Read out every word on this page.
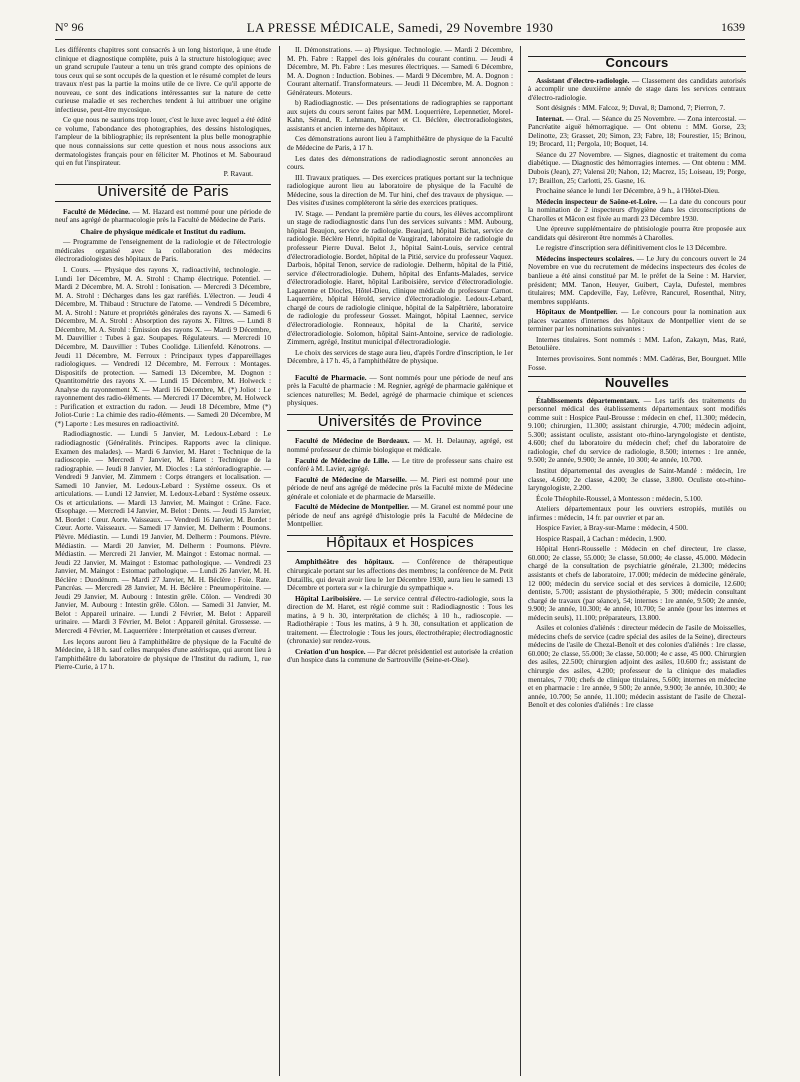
N° 96	LA PRESSE MÉDICALE, Samedi, 29 Novembre 1930	1639

Les différents chapitres sont consacrés à un long historique, à une étude clinique et diagnostique complète, puis à la structure histologique; avec un grand scrupule l'auteur a tenu un très grand compte des opinions de tous ceux qui se sont occupés de la question et le résumé complet de leurs travaux n'est pas la partie la moins utile de ce livre. Ce qu'il apporte de nouveau, ce sont des indications intéressantes sur la nature de cette curieuse maladie et ses recherches tendent à lui attribuer une origine infectieuse, peut-être mycosique.

Ce que nous ne saurions trop louer, c'est le luxe avec lequel a été édité ce volume, l'abondance des photographies, des dessins histologiques, l'ampleur de la bibliographie; ils représentent la plus belle monographie que nous connaissions sur cette question et nous nous associons aux dermatologistes français pour en féliciter M. Photinos et M. Sabouraud qui en fut l'inspirateur.

P. Ravaut.

Université de Paris

Faculté de Médecine. — M. Hazard est nommé pour une période de neuf ans agrégé de pharmacologie près la Faculté de Médecine de Paris.

Chaire de physique médicale et Institut du radium.

— Programme de l'enseignement de la radiologie et de l'électrologie médicales organisé avec la collaboration des médecins électroradiologistes des hôpitaux de Paris.

I. Cours. — Physique des rayons X, radioactivité, technologie. — Lundi 1er Décembre, M. A. Strohl : Champ électrique. Potentiel. — Mardi 2 Décembre, M. A. Strohl : Ionisation. — Mercredi 3 Décembre, M. A. Strohl : Décharges dans les gaz raréfiés. L'électron. — Jeudi 4 Décembre, M. Thibaud : Structure de l'atome. — Vendredi 5 Décembre, M. A. Strohl : Nature et propriétés générales des rayons X. — Samedi 6 Décembre, M. A. Strohl : Absorption des rayons X. Filtres. — Lundi 8 Décembre, M. A. Strohl : Émission des rayons X. — Mardi 9 Décembre, M. Dauvillier : Tubes à gaz. Soupapes. Régulateurs. — Mercredi 10 Décembre, M. Dauvillier : Tubes Coolidge. Lilienfeld. Kénotrons. — Jeudi 11 Décembre, M. Ferroux : Principaux types d'appareillages radiologiques. — Vendredi 12 Décembre, M. Ferroux : Montages. Dispositifs de protection. — Samedi 13 Décembre, M. Dognon : Quantitométrie des rayons X. — Lundi 15 Décembre, M. Holweck : Analyse du rayonnement X. — Mardi 16 Décembre, M. (*) Joliot : Le rayonnement des radio-éléments. — Mercredi 17 Décembre, M. Holweck : Purification et extraction du radon. — Jeudi 18 Décembre, Mme (*) Joliot-Curie : La chimie des radio-éléments. — Samedi 20 Décembre, M (*) Laporte : Les mesures en radioactivité.

Radiodiagnostic. — Lundi 5 Janvier, M. Ledoux-Lebard : Le radiodiagnostic (Généralités. Principes. Rapports avec la clinique. Examen des malades). — Mardi 6 Janvier, M. Haret : Technique de la radioscopie. — Mercredi 7 Janvier, M. Haret : Technique de la radiographie. — Jeudi 8 Janvier, M. Diocles : La stéréoradiographie. — Vendredi 9 Janvier, M. Zimmern : Corps étrangers et localisation. — Samedi 10 Janvier, M. Ledoux-Lebard : Système osseux. Os et articulations. — Lundi 12 Janvier, M. Ledoux-Lebard : Système osseux. Os et articulations. — Mardi 13 Janvier, M. Maingot : Crâne. Face. Œsophage. — Mercredi 14 Janvier, M. Belot : Dents. — Jeudi 15 Janvier, M. Bordet : Cœur. Aorte. Vaisseaux. — Vendredi 16 Janvier, M. Bordet : Cœur. Aorte. Vaisseaux. — Samedi 17 Janvier, M. Delherm : Poumons. Plèvre. Médiastin. — Lundi 19 Janvier, M. Delherm : Poumons. Plèvre. Médiastin. — Mardi 20 Janvier, M. Delherm : Poumons. Plèvre. Médiastin. — Mercredi 21 Janvier, M. Maingot : Estomac normal. — Jeudi 22 Janvier, M. Maingot : Estomac pathologique. — Vendredi 23 Janvier, M. Maingot : Estomac pathologique. — Lundi 26 Janvier, M. H. Béclère : Duodénum. — Mardi 27 Janvier, M. H. Béclère : Foie. Rate. Pancréas. — Mercredi 28 Janvier, M. H. Béclère : Pneumopéritoine. — Jeudi 29 Janvier, M. Aubourg : Intestin grêle. Côlon. — Vendredi 30 Janvier, M. Aubourg : Intestin grêle. Côlon. — Samedi 31 Janvier, M. Belot : Appareil urinaire. — Lundi 2 Février, M. Belot : Appareil urinaire. — Mardi 3 Février, M. Belot : Appareil génital. Grossesse. — Mercredi 4 Février, M. Laquerrière : Interprétation et causes d'erreur.

Les leçons auront lieu à l'amphithéâtre de physique de la Faculté de Médecine, à 18 h. sauf celles marquées d'une astérisque, qui auront lieu à l'amphithéâtre du laboratoire de physique de l'Institut du radium, 1, rue Pierre-Curie, à 17 h.

II. Démonstrations. — a) Physique. Technologie. — Mardi 2 Décembre, M. Ph. Fabre : Rappel des lois générales du courant continu. — Jeudi 4 Décembre, M. Ph. Fabre : Les mesures électriques. — Samedi 6 Décembre, M. A. Dognon : Induction. Bobines. — Mardi 9 Décembre, M. A. Dognon : Courant alternatif. Transformateurs. — Jeudi 11 Décembre, M. A. Dognon : Générateurs. Moteurs.

b) Radiodiagnostic. — Des présentations de radiographies se rapportant aux sujets du cours seront faites par MM. Loquerrière, Lepennetier, Morel-Kahn, Sérand, R. Lehmann, Moret et Cl. Béclère, électroradiologistes, assistants et ancien interne des hôpitaux.

Ces démonstrations auront lieu à l'amphithéâtre de physique de la Faculté de Médecine de Paris, à 17 h.

Les dates des démonstrations de radiodiagnostic seront annoncées au cours.

III. Travaux pratiques. — Des exercices pratiques portant sur la technique radiologique auront lieu au laboratoire de physique de la Faculté de Médecine, sous la direction de M. Tur hini, chef des travaux de physique. — Des visites d'usines compléteront la série des exercices pratiques.

IV. Stage. — Pendant la première partie du cours, les élèves accompliront un stage de radiodiagnostic dans l'un des services suivants : MM. Aubourg, hôpital Beaujon, service de radiologie. Beaujard, hôpital Bichat, service de radiologie. Béclère Henri, hôpital de Vaugirard, laboratoire de radiologie du professeur Pierre Duval. Belot J., hôpital Saint-Louis, service central d'électroradiologie. Bordet, hôpital de la Pitié, service du professeur Vaquez. Darbois, hôpital Tenon, service de radiologie. Delherm, hôpital de la Pitié, service d'électroradiologie. Duhem, hôpital des Enfants-Malades, service d'électroradiologie. Haret, hôpital Lariboisière, service d'électroradiologie. Lagarenne et Diocles, Hôtel-Dieu, clinique médicale du professeur Carnot. Laquerrière, hôpital Hérold, service d'électroradiologie. Ledoux-Lebard, chargé de cours de radiologie clinique, hôpital de la Salpêtrière, laboratoire de radiologie du professeur Gosset. Maingot, hôpital Laennec, service d'électroradiologie. Ronneaux, hôpital de la Charité, service d'électroradiologie. Solomon, hôpital Saint-Antoine, service de radiologie. Zimmern, agrégé, Institut municipal d'électroradiologie.

Le choix des services de stage aura lieu, d'après l'ordre d'inscription, le 1er Décembre, à 17 h. 45, à l'amphithéâtre de physique.

Faculté de Pharmacie. — Sont nommés pour une période de neuf ans près la Faculté de pharmacie : M. Regnier, agrégé de pharmacie galénique et sciences naturelles; M. Bedel, agrégé de pharmacie chimique et sciences physiques.

Universités de Province

Faculté de Médecine de Bordeaux. — M. H. Delaunay, agrégé, est nommé professeur de chimie biologique et médicale.

Faculté de Médecine de Lille. — Le titre de professeur sans chaire est conféré à M. Lavier, agrégé.

Faculté de Médecine de Marseille. — M. Pieri est nommé pour une période de neuf ans agrégé de médecine près la Faculté mixte de Médecine générale et coloniale et de pharmacie de Marseille.

Faculté de Médecine de Montpellier. — M. Granel est nommé pour une période de neuf ans agrégé d'histologie près la Faculté de Médecine de Montpellier.

Hôpitaux et Hospices

Amphithéâtre des hôpitaux. — Conférence de thérapeutique chirurgicale portant sur les affections des membres; la conférence de M. Petit Dutaillis, qui devait avoir lieu le 1er Décembre 1930, aura lieu le samedi 13 Décembre et portera sur « la chirurgie du sympathique ».

Hôpital Lariboisière. — Le service central d'électro-radiologie, sous la direction de M. Haret, est régié comme suit : Radiodiagnostic : Tous les matins, à 9 h. 30, interprétation de clichés; à 10 h., radioscopie. — Radiothérapie : Tous les matins, à 9 h. 30, consultation et application de traitement. — Électrologie : Tous les jours, électrothérapie; électrodiagnostic (chronaxie) sur rendez-vous.

Création d'un hospice. — Par décret présidentiel est autorisée la création d'un hospice dans la commune de Sartrouville (Seine-et-Oise).

Concours

Assistant d'électro-radiologie. — Classement des candidats autorisés à accomplir une deuxième année de stage dans les services centraux d'électro-radiologie.

Sont désignés : MM. Falcoz, 9; Duval, 8; Damond, 7; Pierron, 7.

Internat. — Oral. — Séance du 25 Novembre. — Zona intercostal. — Pancréatite aiguë hémorragique. — Ont obtenu : MM. Gorse, 23; Delinotte, 23; Grasset, 20; Simon, 23; Fabre, 18; Fourestier, 15; Brinou, 19; Brocard, 11; Pergola, 10; Boquet, 14.

Séance du 27 Novembre. — Signes, diagnostic et traitement du coma diabétique. — Diagnostic des hémorragies internes. — Ont obtenu : MM. Dubois (Jean), 27; Valensi 20; Nahon, 12; Macrez, 15; Loiseau, 19; Porge, 17; Braillon, 25; Carlotti, 25. Gasne, 16.

Prochaine séance le lundi 1er Décembre, à 9 h., à l'Hôtel-Dieu.

Médecin inspecteur de Saône-et-Loire. — La date du concours pour la nomination de 2 inspecteurs d'hygiène dans les circonscriptions de Charolles et Mâcon est fixée au mardi 23 Décembre 1930.

Une épreuve supplémentaire de phtisiologie pourra être proposée aux candidats qui désireront être nommés à Charolles.

Le registre d'inscription sera définitivement clos le 13 Décembre.

Médecins inspecteurs scolaires. — Le Jury du concours ouvert le 24 Novembre en vue du recrutement de médecins inspecteurs des écoles de banlieue a été ainsi constitué par M. le préfet de la Seine : M. Harvier, président; MM. Tanon, Heuyer, Guibert, Cayla, Dufestel, membres titulaires; MM. Capdeville, Fay, Lefèvre, Rancurel, Rosenthal, Nitry, membres suppléants.

Hôpitaux de Montpellier. — Le concours pour la nomination aux places vacantes d'internes des hôpitaux de Montpellier vient de se terminer par les nominations suivantes :

Internes titulaires. Sont nommés : MM. Lafon, Zakayn, Mas, Raté, Betoulière.

Internes provisoires. Sont nommés : MM. Cadéras, Ber, Bourguet. Mlle Fosse.

Nouvelles

Établissements départementaux. — Les tarifs des traitements du personnel médical des établissements départementaux sont modifiés comme suit : Hospice Paul-Brousse : médecin en chef, 11.300; médecin, 9.100; chirurgien, 11.300; assistant chirurgie, 4.700; médecin adjoint, 5.300; assistant oculiste, assistant oto-rhino-laryngologiste et dentiste, 4.600; chef du laboratoire du médecin chef; chef du laboratoire de radiologie, chef du service de radiologie, 8.500; internes : 1re année, 9.500; 2e année, 9.900; 3e année, 10 300; 4e année, 10.700.

Institut départemental des aveugles de Saint-Mandé : médecin, 1re classe, 4.600; 2e classe, 4.200; 3e classe, 3.800. Oculiste oto-rhino-laryngologiste, 2.200.

École Théophile-Roussel, à Montesson : médecin, 5.100.

Ateliers départementaux pour les ouvriers estropiés, mutilés ou infirmes : médecin, 14 fr. par ouvrier et par an.

Hospice Favier, à Bray-sur-Marne : médecin, 4 500.

Hospice Raspail, à Cachan : médecin, 1.900.

Hôpital Henri-Rousselle : Médecin en chef directeur, 1re classe, 60.000; 2e classe, 55.000; 3e classe, 50.000; 4e classe, 45.000. Médecin chargé de la consultation de psychiatrie générale, 21.300; médecins assistants et chefs de laboratoire, 17.000; médecin de médecine générale, 12 000; médecin du service social et des services à domicile, 12.600; dentiste, 5.700; assistant de physiothérapie, 5 300; médecin consultant chargé de travaux (par séance), 54; internes : 1re année, 9.500; 2e année, 9.900; 3e année, 10.300; 4e année, 10.700; 5e année (pour les internes et médecin seuls), 11.100; préparateurs, 13.800.

Asiles et colonies d'aliénés : directeur médecin de l'asile de Moisselles, médecins chefs de service (cadre spécial des asiles de la Seine), directeurs médecins de l'asile de Chezal-Benoît et des colonies d'aliénés : 1re classe, 60.000; 2e classe, 55.000; 3e classe, 50.000; 4e c asse, 45 000. Chirurgien des asiles, 22.500; chirurgien adjoint des asiles, 10.600 fr.; assistant de chirurgie des asiles, 4.200; professeur de la clinique des maladies mentales, 7 700; chefs de clinique titulaires, 5.600; internes en médecine et en pharmacie : 1re année, 9 500; 2e année, 9.900; 3e année, 10.300; 4e année, 10.700; 5e année, 11.100; médecin assistant de l'asile de Chezal-Benoît et des colonies d'aliénés : 1re classe
